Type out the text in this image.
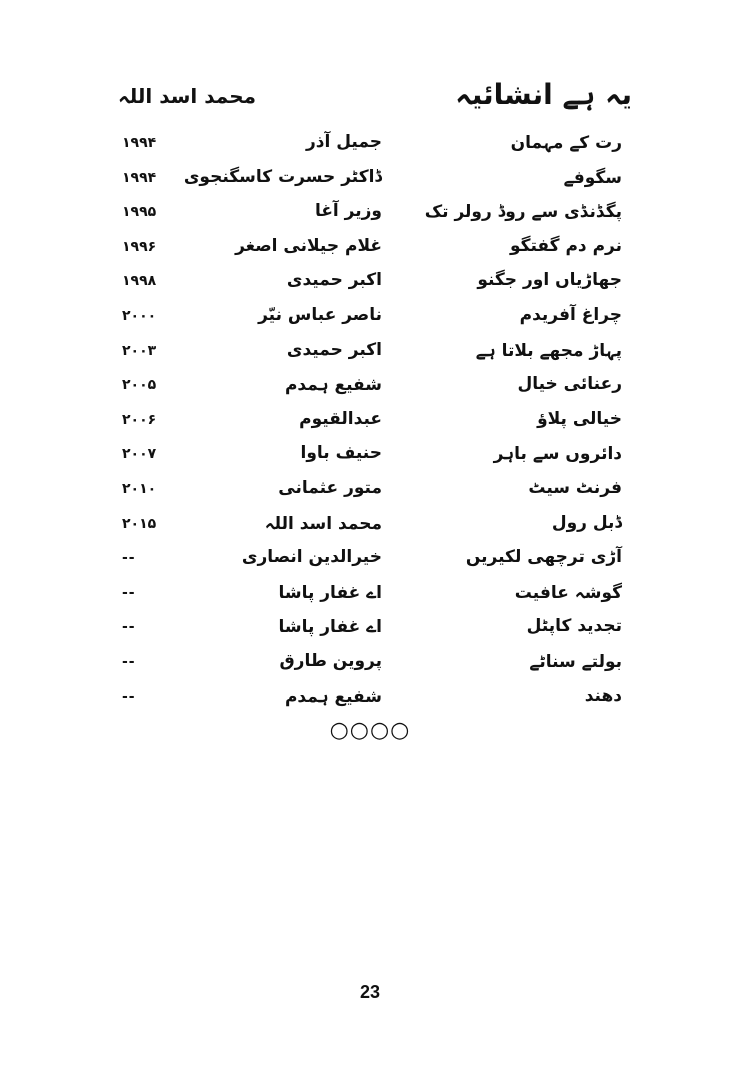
یہ ہے انشائیہ
محمد اسد اللہ
رت کے مہمان
جمیل آذر
۱۹۹۴
سگوفے
ڈاکٹر حسرت کاسگنجوی
۱۹۹۴
پگڈنڈی سے روڈ رولر تک
وزیر آغا
۱۹۹۵
نرم دم گفتگو
غلام جیلانی اصغر
۱۹۹۶
جھاڑیاں اور جگنو
اکبر حمیدی
۱۹۹۸
چراغ آفریدم
ناصر عباس نیّر
۲۰۰۰
پہاڑ مجھے بلاتا ہے
اکبر حمیدی
۲۰۰۳
رعنائی خیال
شفیع ہمدم
۲۰۰۵
خیالی پلاؤ
عبدالقیوم
۲۰۰۶
دائروں سے باہر
حنیف باوا
۲۰۰۷
فرنٹ سیٹ
متور عثمانی
۲۰۱۰
ڈبل رول
محمد اسد اللہ
۲۰۱۵
آڑی ترچھی لکیریں
خیرالدین انصاری
--
گوشہ عافیت
اے غفار پاشا
--
تجدید کاپٹل
اے غفار پاشا
--
بولتے سناٹے
پروین طارق
--
دھند
شفیع ہمدم
--
○○○○
23
